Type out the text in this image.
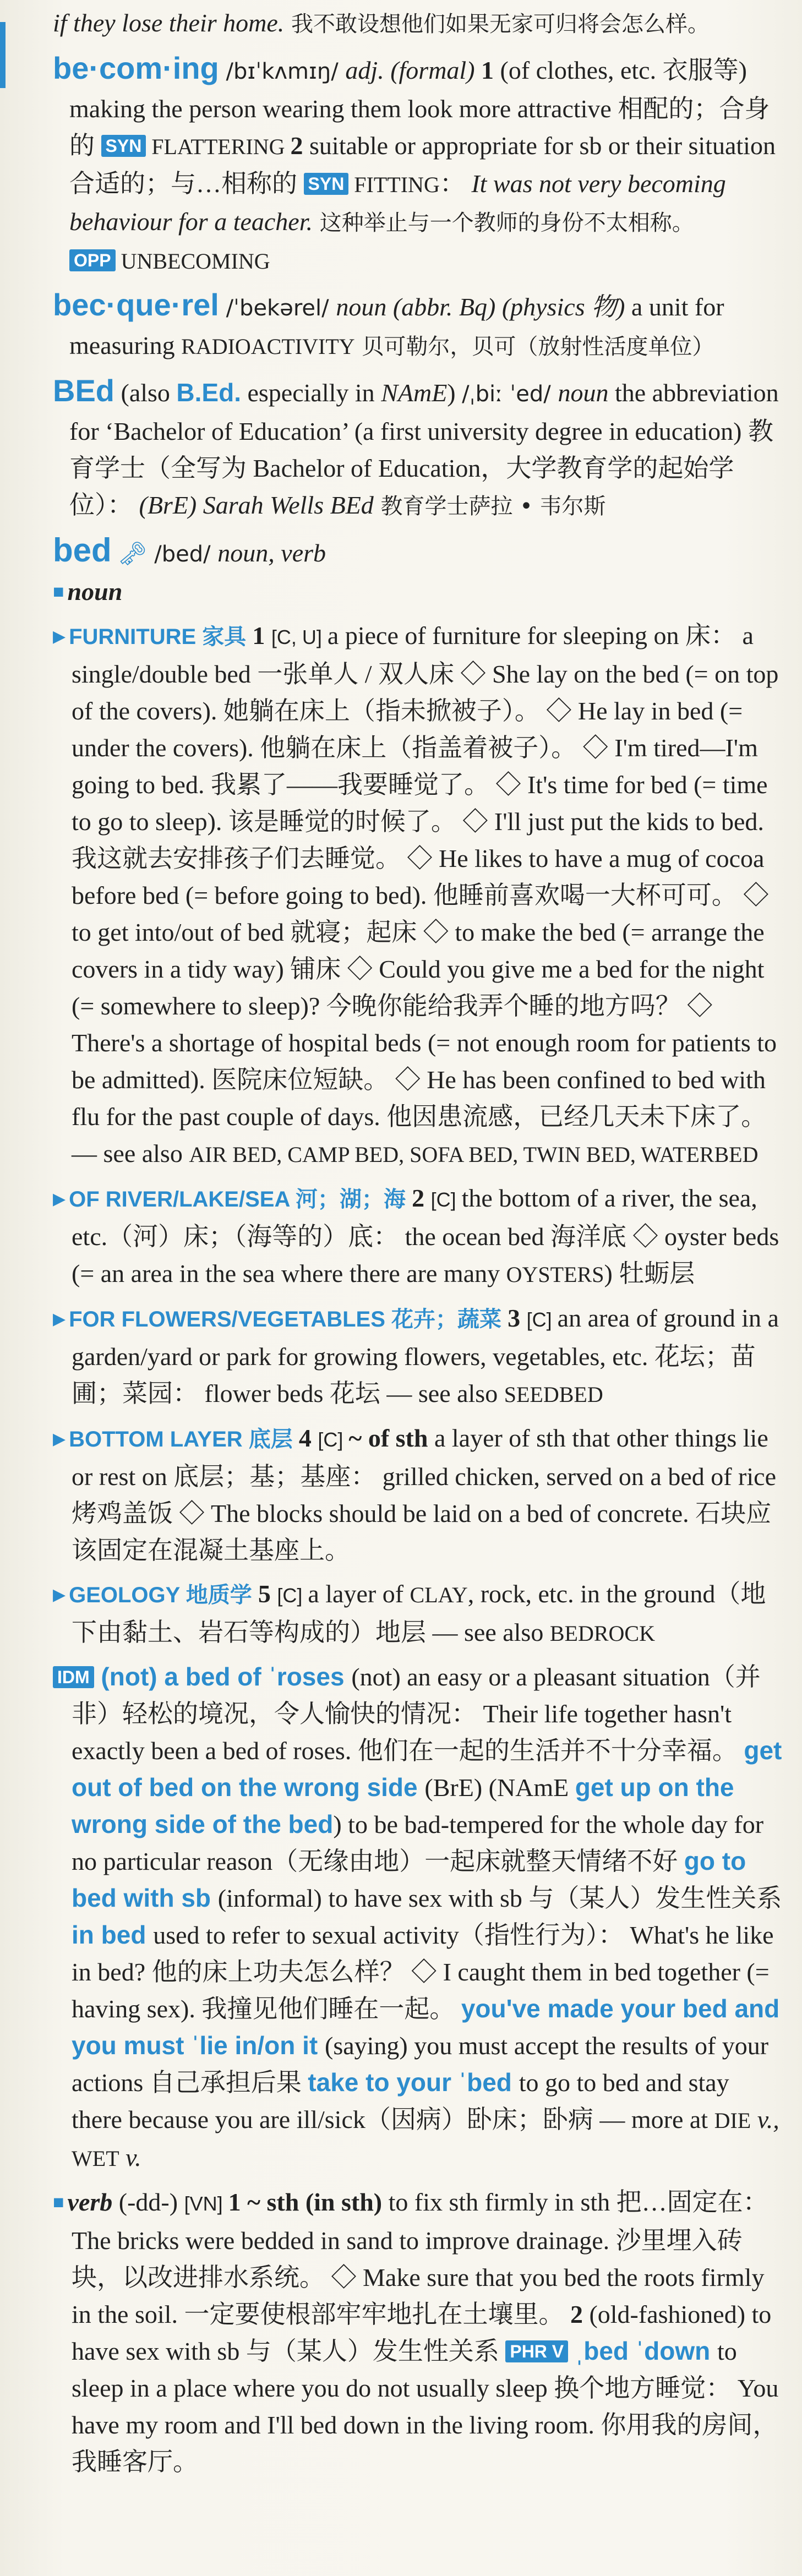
if they lose their home. 我不敢设想他们如果无家可归将会怎么样。

be·com·ing /bɪˈkʌmɪŋ/ adj. (formal) 1 (of clothes, etc. 衣服等) making the person wearing them look more attractive 相配的；合身的 SYN FLATTERING 2 suitable or appropriate for sb or their situation 合适的；与…相称的 SYN FITTING： It was not very becoming behaviour for a teacher. 这种举止与一个教师的身份不太相称。
OPP UNBECOMING

bec·que·rel /ˈbekərel/ noun (abbr. Bq) (physics 物) a unit for measuring RADIOACTIVITY 贝可勒尔，贝可（放射性活度单位）

BEd (also B.Ed. especially in NAmE) /ˌbiː ˈed/ noun the abbreviation for ‘Bachelor of Education’ (a first university degree in education) 教育学士（全写为 Bachelor of Education，大学教育学的起始学位）： (BrE) Sarah Wells BEd 教育学士萨拉 • 韦尔斯

bed 🗝 /bed/ noun, verb

■ noun

▶ FURNITURE 家具 1 [C, U] a piece of furniture for sleeping on 床： a single/double bed 一张单人 / 双人床 ◇ She lay on the bed (= on top of the covers). 她躺在床上（指未掀被子）。 ◇ He lay in bed (= under the covers). 他躺在床上（指盖着被子）。 ◇ I'm tired—I'm going to bed. 我累了——我要睡觉了。 ◇ It's time for bed (= time to go to sleep). 该是睡觉的时候了。 ◇ I'll just put the kids to bed. 我这就去安排孩子们去睡觉。 ◇ He likes to have a mug of cocoa before bed (= before going to bed). 他睡前喜欢喝一大杯可可。 ◇ to get into/out of bed 就寝；起床 ◇ to make the bed (= arrange the covers in a tidy way) 铺床 ◇ Could you give me a bed for the night (= somewhere to sleep)? 今晚你能给我弄个睡的地方吗？ ◇ There's a shortage of hospital beds (= not enough room for patients to be admitted). 医院床位短缺。 ◇ He has been confined to bed with flu for the past couple of days. 他因患流感，已经几天未下床了。 — see also AIR BED, CAMP BED, SOFA BED, TWIN BED, WATERBED

▶ OF RIVER/LAKE/SEA 河；湖；海 2 [C] the bottom of a river, the sea, etc.（河）床；（海等的）底： the ocean bed 海洋底 ◇ oyster beds (= an area in the sea where there are many OYSTERS) 牡蛎层

▶ FOR FLOWERS/VEGETABLES 花卉；蔬菜 3 [C] an area of ground in a garden/yard or park for growing flowers, vegetables, etc. 花坛；苗圃；菜园： flower beds 花坛 — see also SEEDBED

▶ BOTTOM LAYER 底层 4 [C] ~ of sth a layer of sth that other things lie or rest on 底层；基；基座： grilled chicken, served on a bed of rice 烤鸡盖饭 ◇ The blocks should be laid on a bed of concrete. 石块应该固定在混凝土基座上。

▶ GEOLOGY 地质学 5 [C] a layer of CLAY, rock, etc. in the ground（地下由黏土、岩石等构成的）地层 — see also BEDROCK

IDM (not) a bed of ˈroses (not) an easy or a pleasant situation（并非）轻松的境况，令人愉快的情况： Their life together hasn't exactly been a bed of roses. 他们在一起的生活并不十分幸福。 get out of bed on the wrong side (BrE) (NAmE get up on the wrong side of the bed) to be bad-tempered for the whole day for no particular reason（无缘由地）一起床就整天情绪不好 go to bed with sb (informal) to have sex with sb 与（某人）发生性关系 in bed used to refer to sexual activity（指性行为）： What's he like in bed? 他的床上功夫怎么样？ ◇ I caught them in bed together (= having sex). 我撞见他们睡在一起。 you've made your bed and you must ˈlie in/on it (saying) you must accept the results of your actions 自己承担后果 take to your ˈbed to go to bed and stay there because you are ill/sick（因病）卧床；卧病 — more at DIE v., WET v.

■ verb (-dd-) [VN] 1 ~ sth (in sth) to fix sth firmly in sth 把…固定在： The bricks were bedded in sand to improve drainage. 沙里埋入砖块，以改进排水系统。 ◇ Make sure that you bed the roots firmly in the soil. 一定要使根部牢牢地扎在土壤里。 2 (old-fashioned) to have sex with sb 与（某人）发生性关系 PHR V ˌbed ˈdown to sleep in a place where you do not usually sleep 换个地方睡觉： You have my room and I'll bed down in the living room. 你用我的房间，我睡客厅。
